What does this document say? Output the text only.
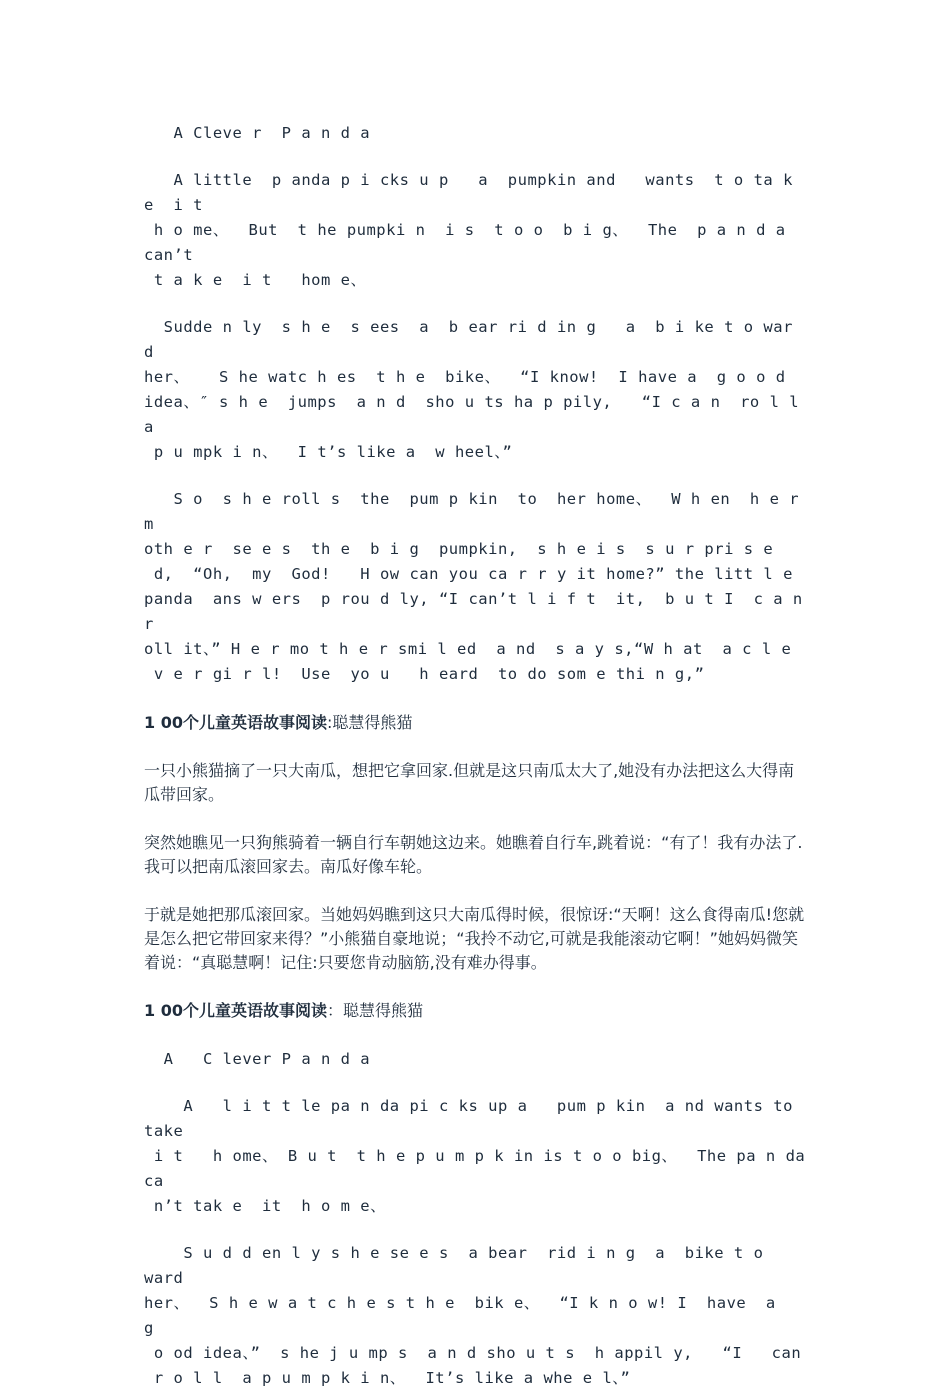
A Cleve r  P a n d a

A little  p anda p i cks u p   a  pumpkin and   wants  t o ta k e  i t
h o me、  But  t he pumpki n  i s  t o o  b i g、  The  p a n d a  can’t
t a k e  i t   hom e、

Sudde n ly  s h e  s ees  a  b ear ri d in g   a  b i ke t o war d
her、   S he watc h es  t h e  bike、  “I know!  I have a  g o o d
idea、″ s h e  jumps  a n d  sho u ts ha p pily,   “I c a n  ro l l a
p u mpk i n、  I t’s like a  w heel、”

S o  s h e roll s  the  pum p kin  to  her home、  W h en  h e r m
oth e r  se e s  th e  b i g  pumpkin,  s h e i s  s u r pri s e
d,  “Oh,  my  God!   H ow can you ca r r y it home?” the litt l e
panda  ans w ers  p rou d ly, “I can’t l i f t  it,  b u t I  c a n  r
oll it、” H e r mo t h e r smi l ed  a nd  s a y s,“W h at  a c l e
v e r gi r l!  Use  yo u   h eard  to do som e thi n g,”

1 00个儿童英语故事阅读:聪慧得熊猫

一只小熊猫摘了一只大南瓜，想把它拿回家.但就是这只南瓜太大了,她没有办法把这么大得南瓜带回家。

突然她瞧见一只狗熊骑着一辆自行车朝她这边来。她瞧着自行车,跳着说：“有了！我有办法了.我可以把南瓜滚回家去。南瓜好像车轮。

于就是她把那瓜滚回家。当她妈妈瞧到这只大南瓜得时候，很惊讶:“天啊！这么食得南瓜!您就是怎么把它带回家来得？”小熊猫自豪地说；“我拎不动它,可就是我能滚动它啊！”她妈妈微笑着说：“真聪慧啊！记住:只要您肯动脑筋,没有难办得事。

1 00个儿童英语故事阅读：聪慧得熊猫

A   C lever P a n d a

A   l i t t le pa n da pi c ks up a   pum p kin  a nd wants to take
i t   h ome、 B u t  t h e p u m p k in is t o o big、  The pa n da ca
n’t tak e  it  h o m e、

S u d d en l y s h e se e s  a bear  rid i n g  a  bike t o ward
her、  S h e w a t c h e s t h e  bik e、  “I k n o w! I  have  a   g
o od idea、”  s he j u mp s  a n d sho u t s  h appil y,   “I   can
r o l l  a p u m p k i n、  It’s like a whe e l、”
